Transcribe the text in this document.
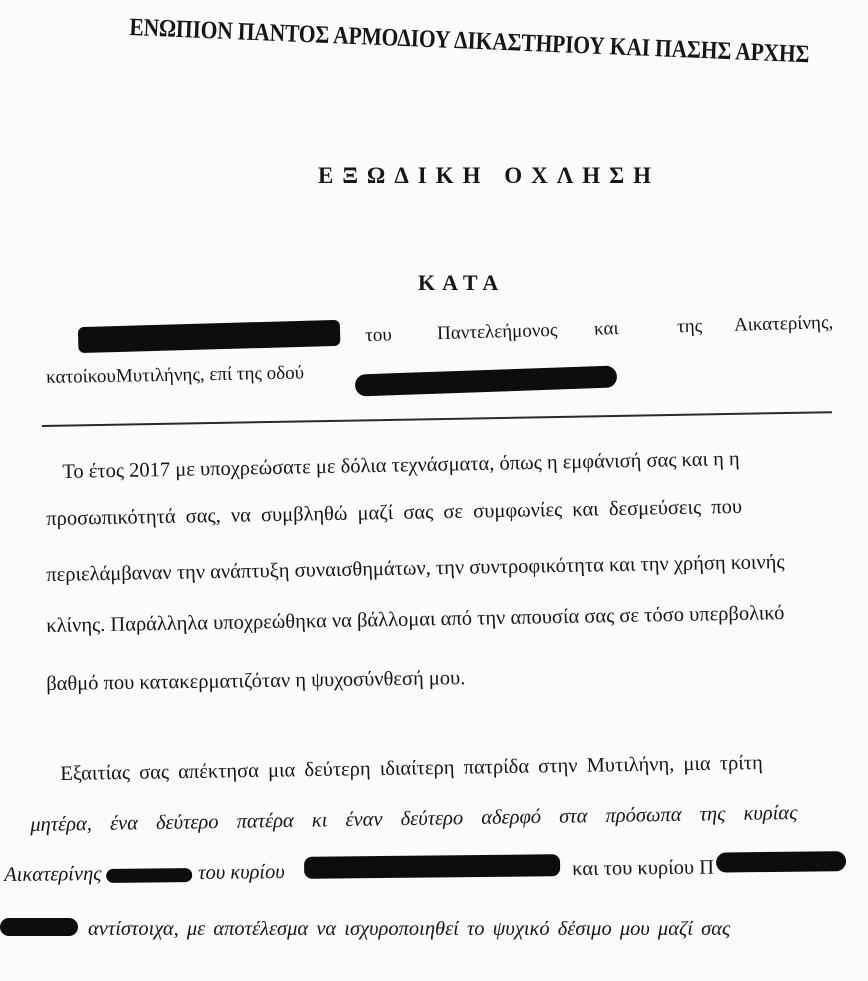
ΕΝΩΠΙΟΝ ΠΑΝΤΟΣ ΑΡΜΟΔΙΟΥ ΔΙΚΑΣΤΗΡΙΟΥ ΚΑΙ ΠΑΣΗΣ ΑΡΧΗΣ
ΕΞΩΔΙΚΗ ΟΧΛΗΣΗ
ΚΑΤΑ
του Παντελεήμονος και	της Αικατερίνης,
κατοίκουΜυτιλήνης, επί της οδού
Το έτος 2017 με υποχρεώσατε με δόλια τεχνάσματα, όπως η εμφάνισή σας και η η
προσωπικότητά σας, να συμβληθώ μαζί σας σε συμφωνίες και δεσμεύσεις που
περιελάμβαναν την ανάπτυξη συναισθημάτων, την συντροφικότητα και την χρήση κοινής
κλίνης. Παράλληλα υποχρεώθηκα να βάλλομαι από την απουσία σας σε τόσο υπερβολικό
βαθμό που κατακερματιζόταν η ψυχοσύνθεσή μου.
Εξαιτίας σας απέκτησα μια δεύτερη ιδιαίτερη πατρίδα στην Μυτιλήνη, μια τρίτη
μητέρα, ένα δεύτερο πατέρα κι έναν δεύτερο αδερφό στα πρόσωπα της κυρίας
Αικατερίνης	του κυρίου	και του κυρίου Π
αντίστοιχα, με αποτέλεσμα να ισχυροποιηθεί το ψυχικό δέσιμο μου μαζί σας
